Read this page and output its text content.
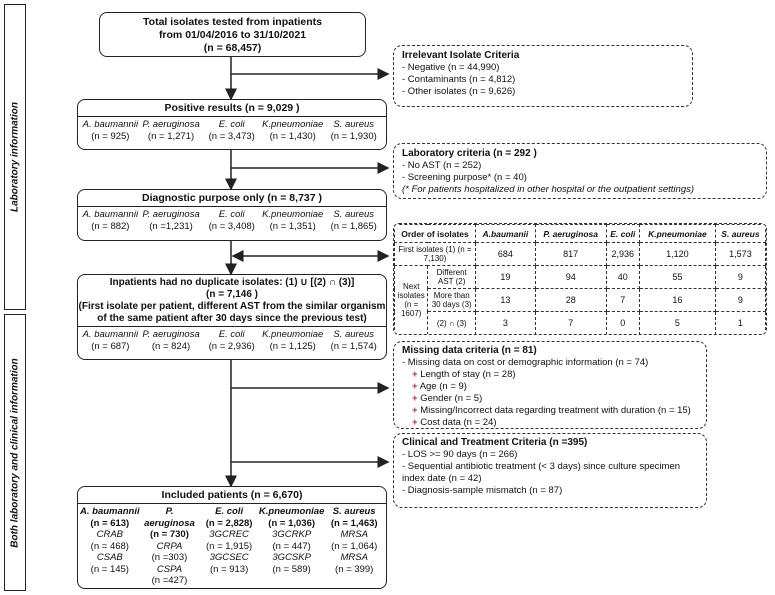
Laboratory information
Both laboratory and clinical information
Total isolates tested from inpatients
from 01/04/2016 to 31/10/2021
(n = 68,457)
Irrelevant Isolate Criteria
- Negative (n = 44,990)
- Contaminants (n = 4,812)
- Other isolates (n = 9,626)
Positive results (n = 9,029 )
A. baumannii
(n = 925)
P. aeruginosa
(n = 1,271)
E. coli
(n = 3,473)
K.pneumoniae
(n = 1,430)
S. aureus
(n = 1,930)
Laboratory criteria (n = 292 )
- No AST (n = 252)
- Screening purpose* (n = 40)
(* For patients hospitalized in other hospital or the outpatient settings)
Diagnostic purpose only (n = 8,737 )
A. baumannii
(n = 882)
P. aeruginosa
(n =1,231)
E. coli
(n = 3,408)
K.pneumoniae
(n = 1,351)
S. aureus
(n = 1,865)
Order of isolates		A.baumanii	P. aeruginosa	E. coli	K.pneumoniae	S. aureus
First isolates (1) (n = 7,130)		684	817	2,936	1,120	1,573
Next isolates (n = 1607)	Different AST (2)	19	94	40	55	9
	More than 30 days (3)	13	28	7	16	9
	(2) ∩ (3)	3	7	0	5	1
Inpatients had no duplicate isolates: (1) ∪ [(2) ∩ (3)]
(n = 7,146 )
(First isolate per patient, different AST from the similar organism
of the same patient after 30 days since the previous test)
A. baumannii
(n = 687)
P. aeruginosa
(n = 824)
E. coli
(n = 2,936)
K.pneumoniae
(n = 1,125)
S. aureus
(n = 1,574)	Missing data criteria (n = 81)
- Missing data on cost or demographic information (n = 74)
+ Length of stay (n = 28)
+ Age (n = 9)
+ Gender (n = 5)
+ Missing/Incorrect data regarding treatment with duration (n = 15)
+ Cost data (n = 24)
Clinical and Treatment Criteria (n =395)
- LOS >= 90 days (n = 266)
- Sequential antibiotic treatment (< 3 days) since culture specimen
index date (n = 42)
- Diagnosis-sample mismatch (n = 87)
Included patients (n = 6,670)
A. baumannii
(n = 613)
CRAB
(n = 468)
CSAB
(n = 145)
P. aeruginosa
(n = 730)
CRPA
(n =303)
CSPA
(n =427)
E. coli
(n = 2,828)
3GCREC
(n = 1,915)
3GCSEC
(n = 913)
K.pneumoniae
(n = 1,036)
3GCRKP
(n = 447)
3GCSKP
(n = 589)
S. aureus
(n = 1,463)
MRSA
(n = 1,064)
MRSA
(n = 399)
